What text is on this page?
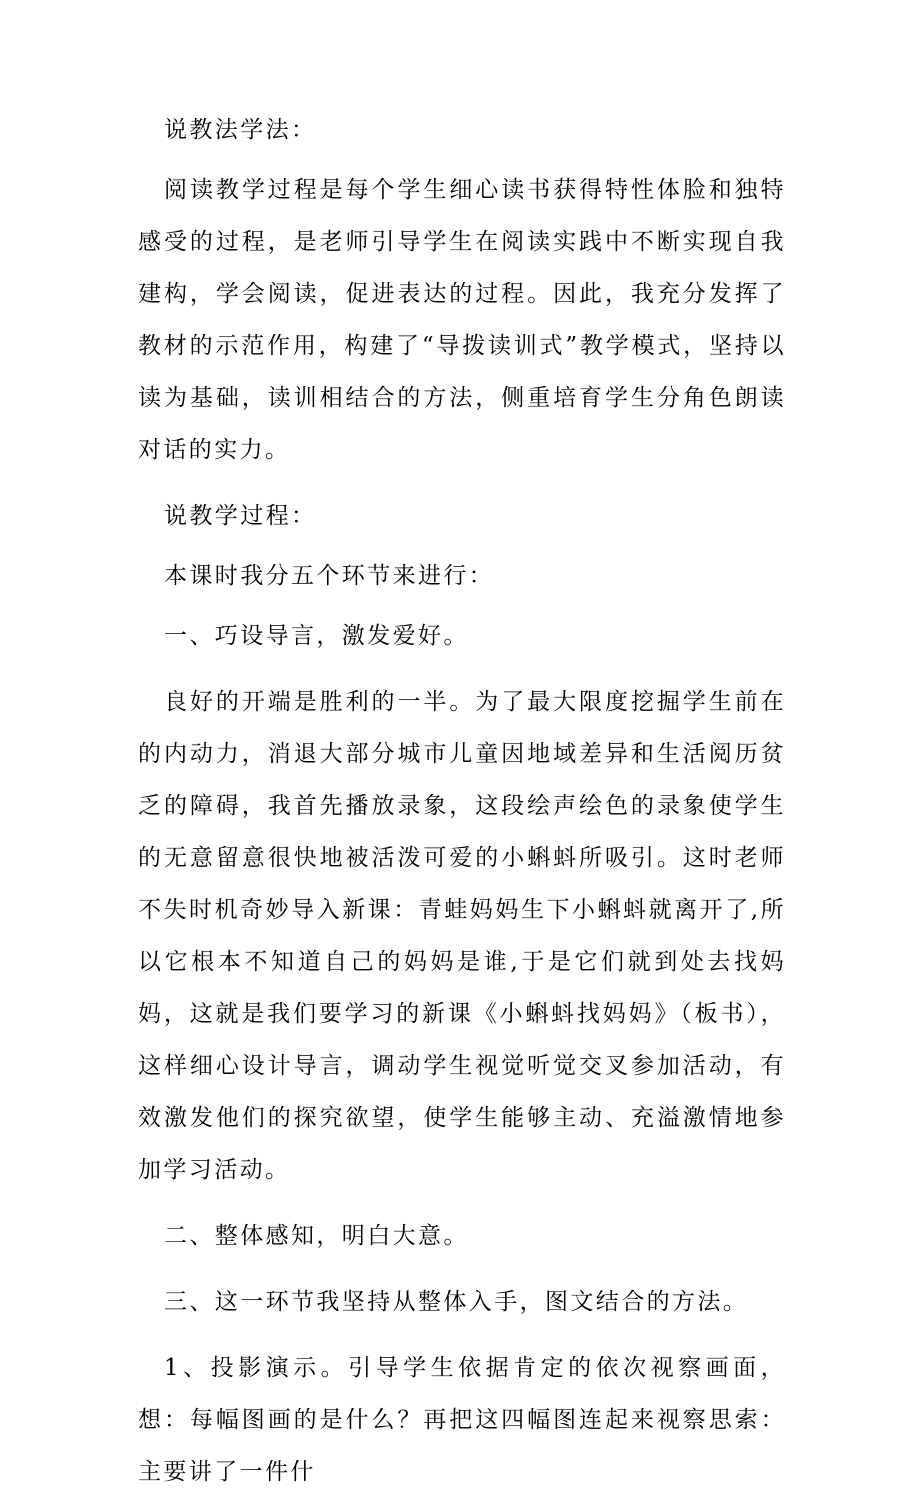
说教法学法：

阅读教学过程是每个学生细心读书获得特性体脸和独特感受的过程，是老师引导学生在阅读实践中不断实现自我建构，学会阅读，促进表达的过程。因此，我充分发挥了教材的示范作用，构建了“导拨读训式”教学模式，坚持以读为基础，读训相结合的方法，侧重培育学生分角色朗读对话的实力。

说教学过程：

本课时我分五个环节来进行：

一、巧设导言，激发爱好。

良好的开端是胜利的一半。为了最大限度挖掘学生前在的内动力，消退大部分城市儿童因地域差异和生活阅历贫乏的障碍，我首先播放录象，这段绘声绘色的录象使学生的无意留意很快地被活泼可爱的小蝌蚪所吸引。这时老师不失时机奇妙导入新课：青蛙妈妈生下小蝌蚪就离开了,所以它根本不知道自己的妈妈是谁,于是它们就到处去找妈妈，这就是我们要学习的新课《小蝌蚪找妈妈》（板书），这样细心设计导言，调动学生视觉听觉交叉参加活动，有效激发他们的探究欲望，使学生能够主动、充溢激情地参加学习活动。

二、整体感知，明白大意。

三、这一环节我坚持从整体入手，图文结合的方法。

1、投影演示。引导学生依据肯定的依次视察画面，想：每幅图画的是什么？再把这四幅图连起来视察思索：主要讲了一件什
